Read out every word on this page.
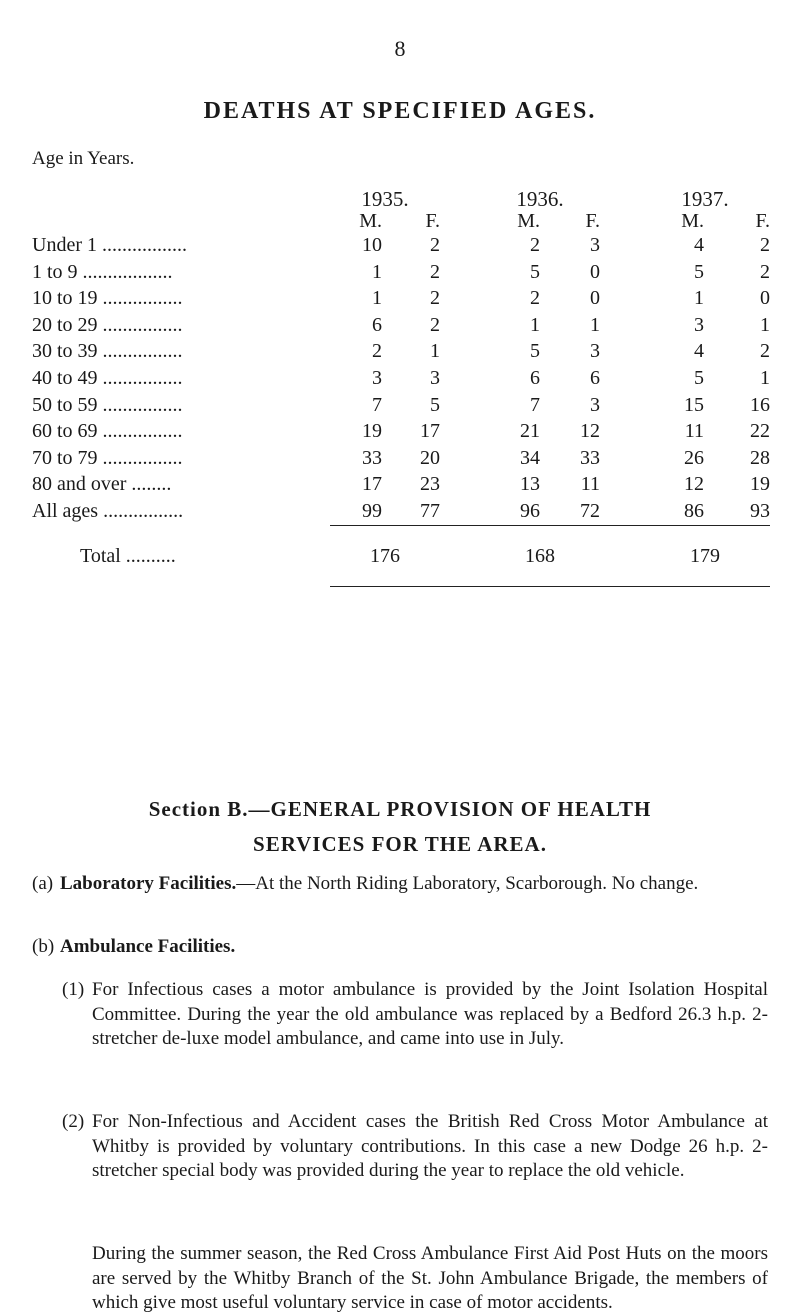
8
DEATHS AT SPECIFIED AGES.
Age in Years.
	1935.		1936.		1937.	
	M.	F.	M.	F.	M.	F.
Under 1 .................	10	2	2	3	4	2
1 to 9 ..................	1	2	5	0	5	2
10 to 19 ................	1	2	2	0	1	0
20 to 29 ................	6	2	1	1	3	1
30 to 39 ................	2	1	5	3	4	2
40 to 49 ................	3	3	6	6	5	1
50 to 59 ................	7	5	7	3	15	16
60 to 69 ................	19	17	21	12	11	22
70 to 79 ................	33	20	34	33	26	28
80 and over ........	17	23	13	11	12	19
All ages ................	99	77	96	72	86	93
Total ..........	176		168		179	
Section B.—GENERAL PROVISION OF HEALTH
SERVICES FOR THE AREA.
(a) Laboratory Facilities.—At the North Riding Laboratory, Scarborough. No change.
(b) Ambulance Facilities.
(1) For Infectious cases a motor ambulance is provided by the Joint Isolation Hospital Committee. During the year the old ambulance was replaced by a Bedford 26.3 h.p. 2-stretcher de-luxe model ambulance, and came into use in July.
(2) For Non-Infectious and Accident cases the British Red Cross Motor Ambulance at Whitby is provided by voluntary contributions. In this case a new Dodge 26 h.p. 2-stretcher special body was provided during the year to replace the old vehicle.
During the summer season, the Red Cross Ambulance First Aid Post Huts on the moors are served by the Whitby Branch of the St. John Ambulance Brigade, the members of which give most useful voluntary service in case of motor accidents.
